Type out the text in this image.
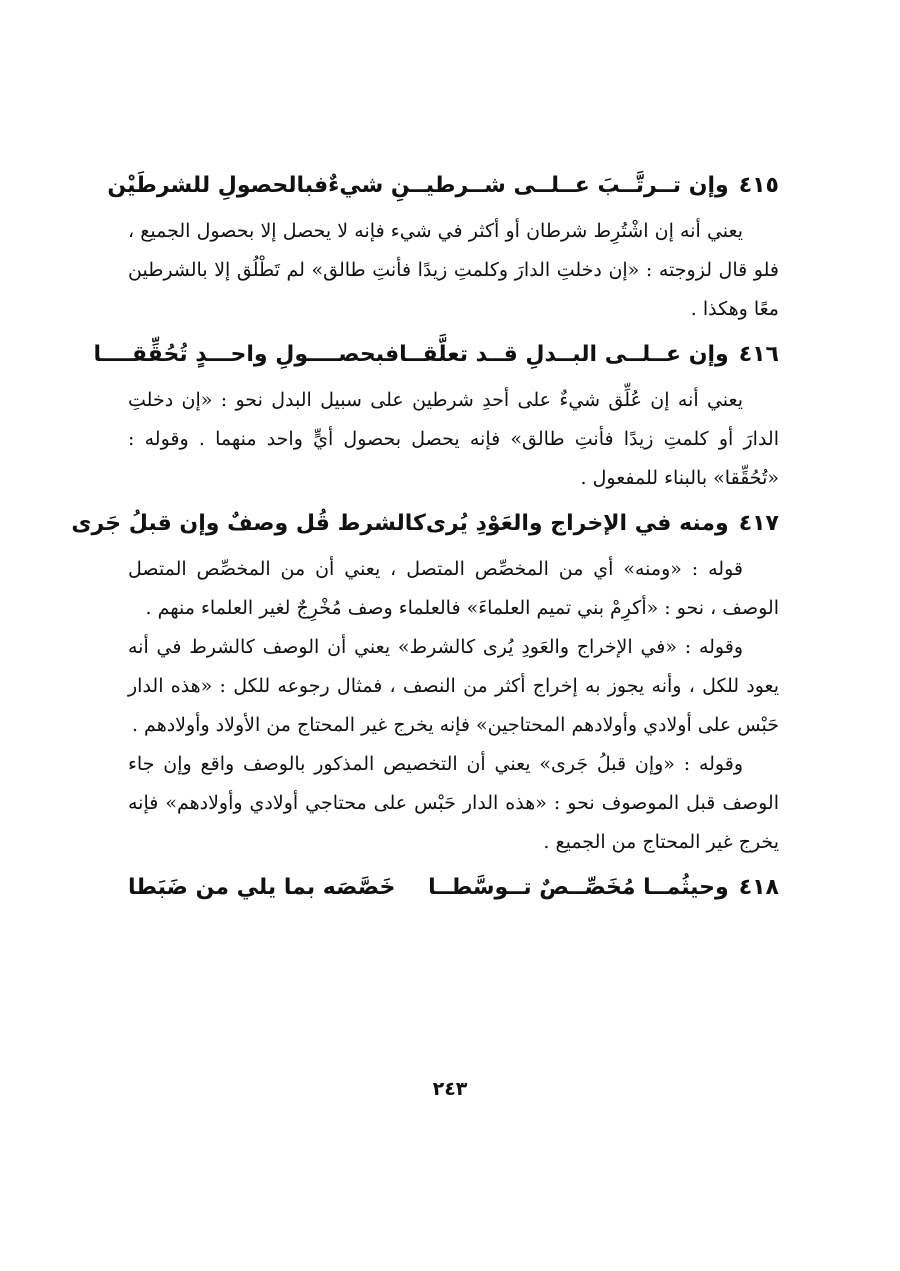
٤١٥
وإن تــرتَّــبَ عــلــى شــرطيــنِ شيءٌ
فبالحصولِ للشرطَيْن

يعني أنه إن اشْتُرِط شرطان أو أكثر في شيء فإنه لا يحصل إلا بحصول الجميع ، فلو قال لزوجته : «إن دخلتِ الدارَ وكلمتِ زيدًا فأنتِ طالق» لم تَطْلُق إلا بالشرطين معًا وهكذا .

٤١٦
وإن عــلــى البــدلِ قــد تعلَّقــا
فبحصــــولِ واحـــدٍ تُحُقِّقــــا

يعني أنه إن عُلِّق شيءٌ على أحدِ شرطين على سبيل البدل نحو : «إن دخلتِ الدارَ أو كلمتِ زيدًا فأنتِ طالق» فإنه يحصل بحصول أيٍّ واحد منهما . وقوله : «تُحُقِّقا» بالبناء للمفعول .

٤١٧
ومنه في الإخراج والعَوْدِ يُرى
كالشرط قُل وصفٌ وإن قبلُ جَرى

قوله : «ومنه» أي من المخصِّص المتصل ، يعني أن من المخصِّص المتصل الوصف ، نحو : «أكرِمْ بني تميم العلماءَ» فالعلماء وصف مُخْرِجٌ لغير العلماء منهم .

وقوله : «في الإخراج والعَودِ يُرى كالشرط» يعني أن الوصف كالشرط في أنه يعود للكل ، وأنه يجوز به إخراج أكثر من النصف ، فمثال رجوعه للكل : «هذه الدار حَبْس على أولادي وأولادهم المحتاجين» فإنه يخرج غير المحتاج من الأولاد وأولادهم .

وقوله : «وإن قبلُ جَرى» يعني أن التخصيص المذكور بالوصف واقع وإن جاء الوصف قبل الموصوف نحو : «هذه الدار حَبْس على محتاجي أولادي وأولادهم» فإنه يخرج غير المحتاج من الجميع .

٤١٨
وحيثُمــا مُخَصِّــصٌ تــوسَّطــا
خَصَّصَه بما يلي من ضَبَطا
٢٤٣
